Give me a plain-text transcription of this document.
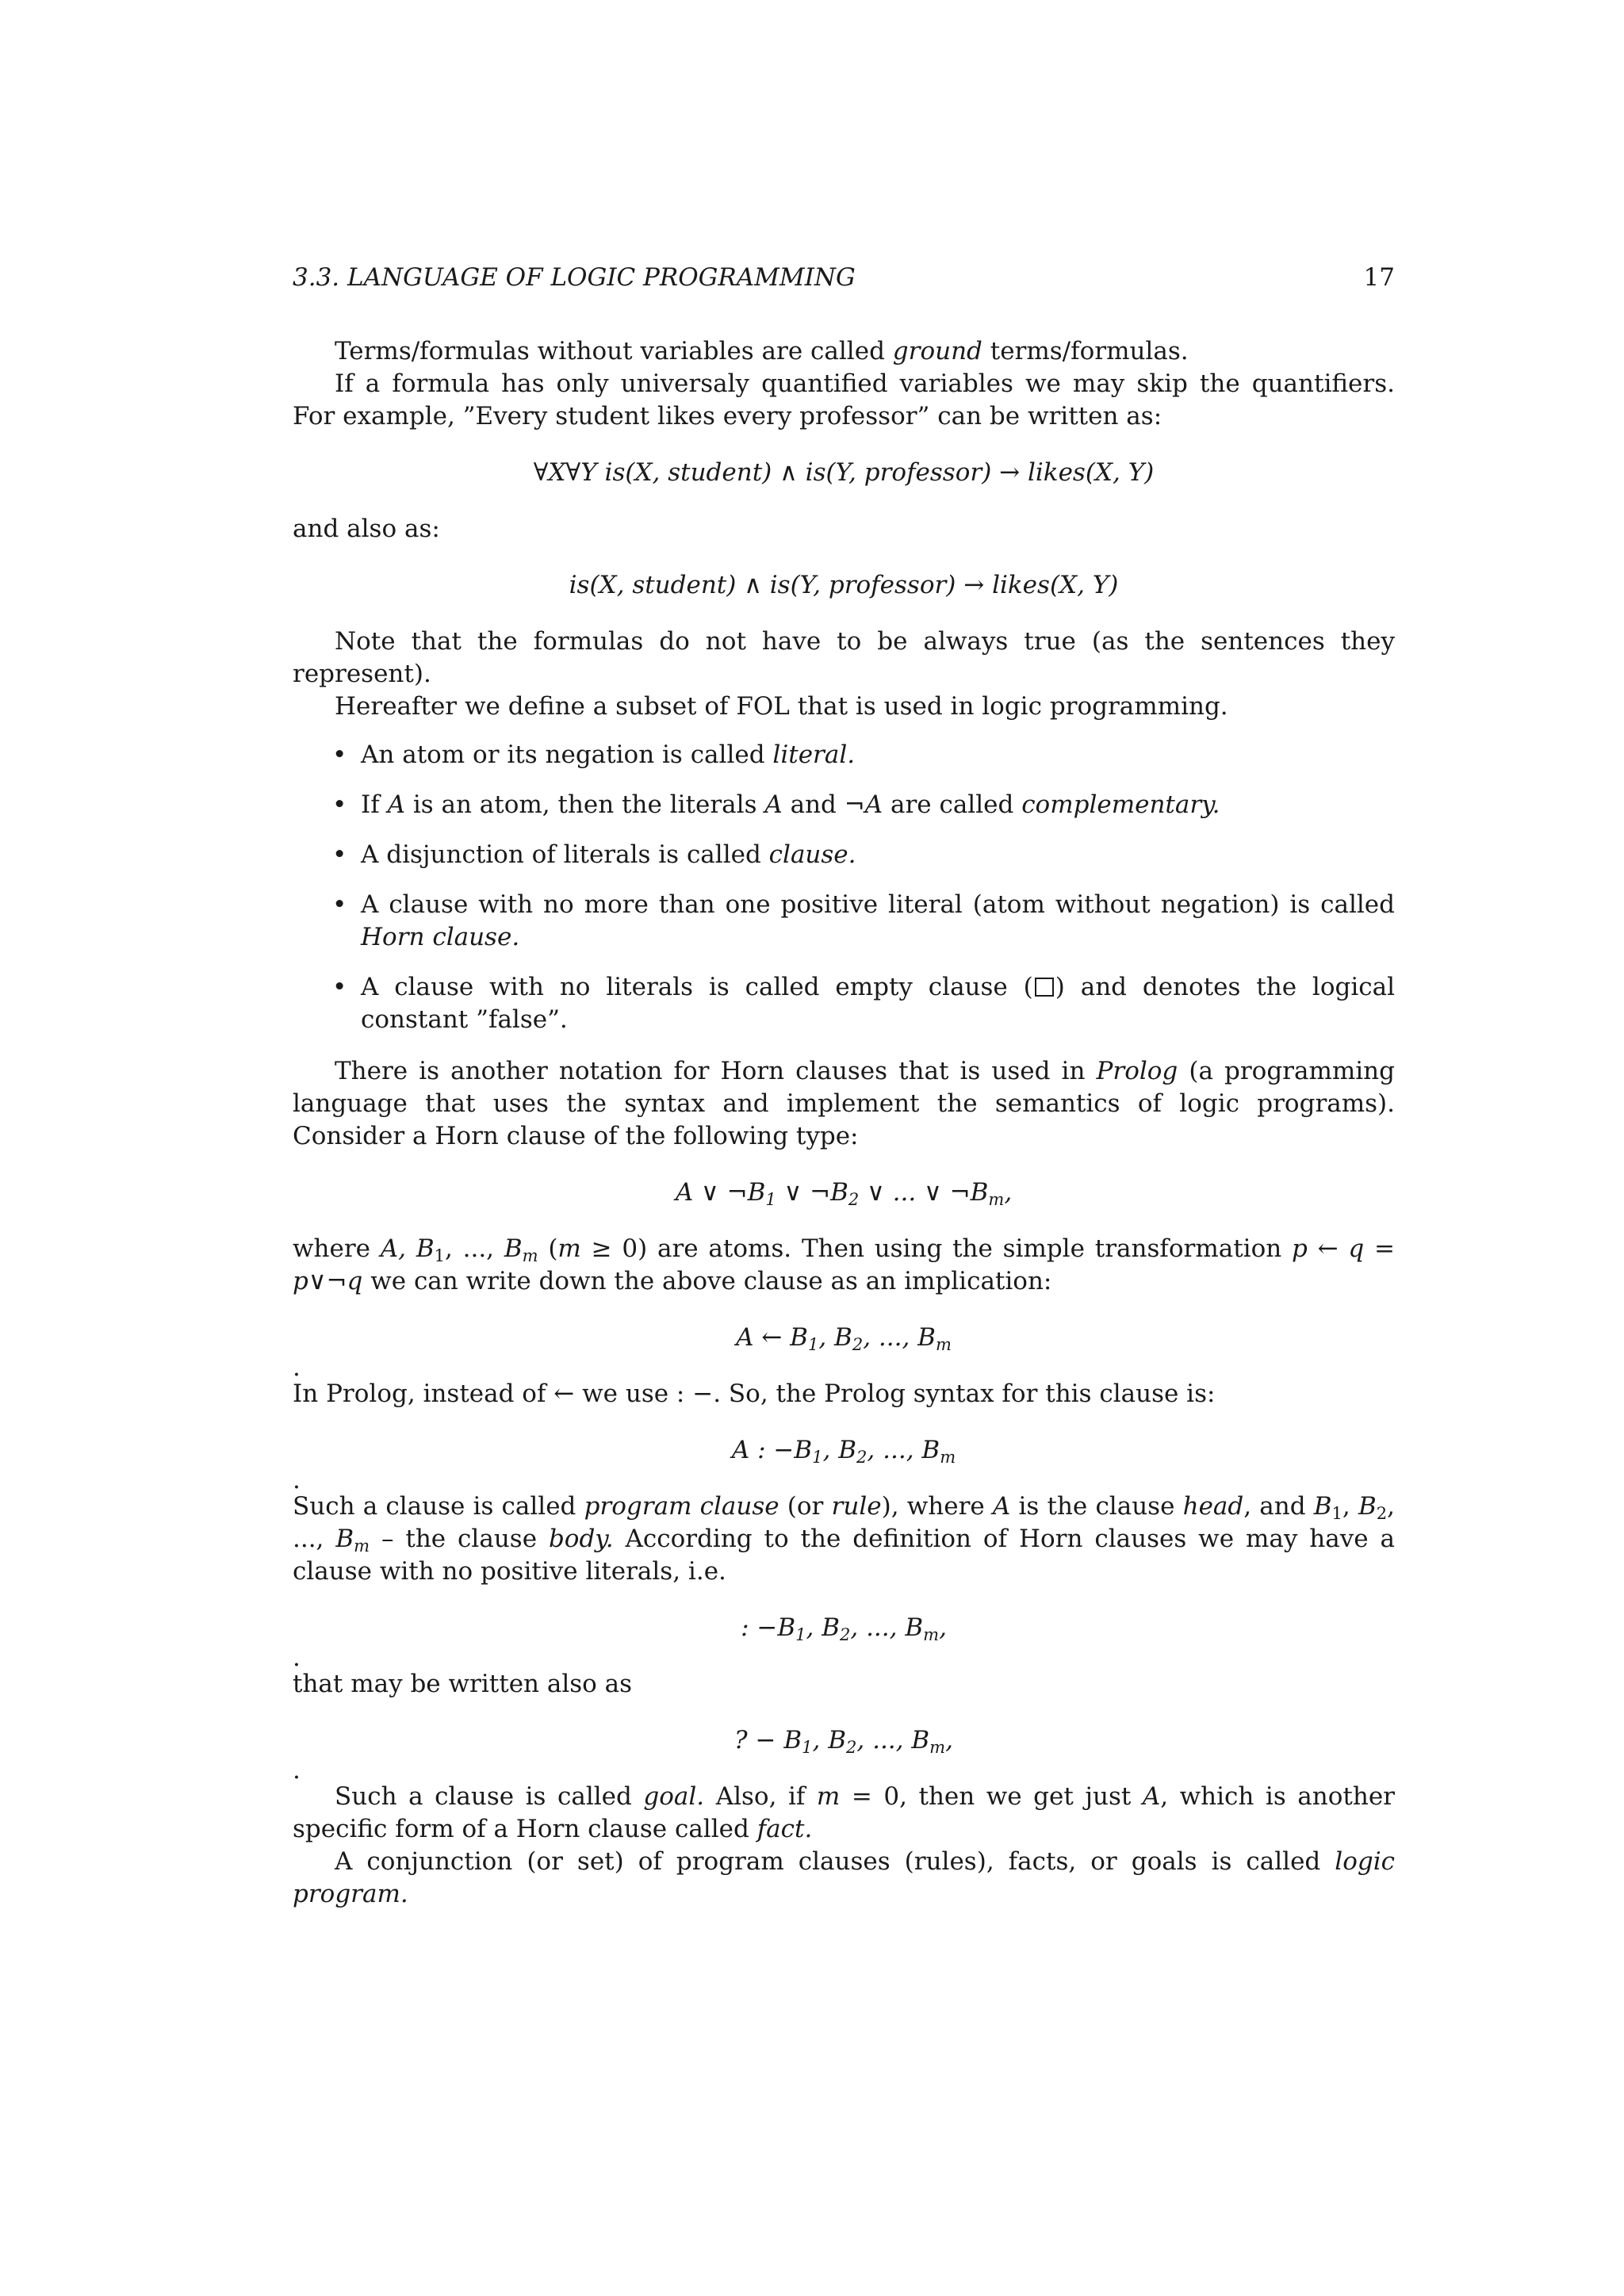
3.3. LANGUAGE OF LOGIC PROGRAMMING	17

Terms/formulas without variables are called ground terms/formulas.

If a formula has only universaly quantified variables we may skip the quantifiers. For example, ”Every student likes every professor” can be written as:

∀X∀Y is(X, student) ∧ is(Y, professor) → likes(X, Y)

and also as:

is(X, student) ∧ is(Y, professor) → likes(X, Y)

Note that the formulas do not have to be always true (as the sentences they represent).

Hereafter we define a subset of FOL that is used in logic programming.

• An atom or its negation is called literal.
• If A is an atom, then the literals A and ¬A are called complementary.
• A disjunction of literals is called clause.
• A clause with no more than one positive literal (atom without negation) is called Horn clause.
• A clause with no literals is called empty clause ( ) and denotes the logical constant ”false”.

There is another notation for Horn clauses that is used in Prolog (a programming language that uses the syntax and implement the semantics of logic programs). Consider a Horn clause of the following type:

A ∨ $\neg B_1$ ∨ $\neg B_2$ ∨ ... ∨ $\neg B_m$,

where A, $B_1$, ..., $B_m$ (m ≥ 0) are atoms. Then using the simple transformation p ← q = p∨¬q we can write down the above clause as an implication:

A ← $B_1$, $B_2$, ..., $B_m$

.

In Prolog, instead of ← we use : −. So, the Prolog syntax for this clause is:

A : $-B_1$, $B_2$, ..., $B_m$

.

Such a clause is called program clause (or rule), where A is the clause head, and $B_1$, $B_2$, ..., $B_m$ – the clause body. According to the definition of Horn clauses we may have a clause with no positive literals, i.e.

: $-B_1$, $B_2$, ..., $B_m$,

.

that may be written also as

? − $B_1$, $B_2$, ..., $B_m$,

.

Such a clause is called goal. Also, if m = 0, then we get just A, which is another specific form of a Horn clause called fact.

A conjunction (or set) of program clauses (rules), facts, or goals is called logic program.
